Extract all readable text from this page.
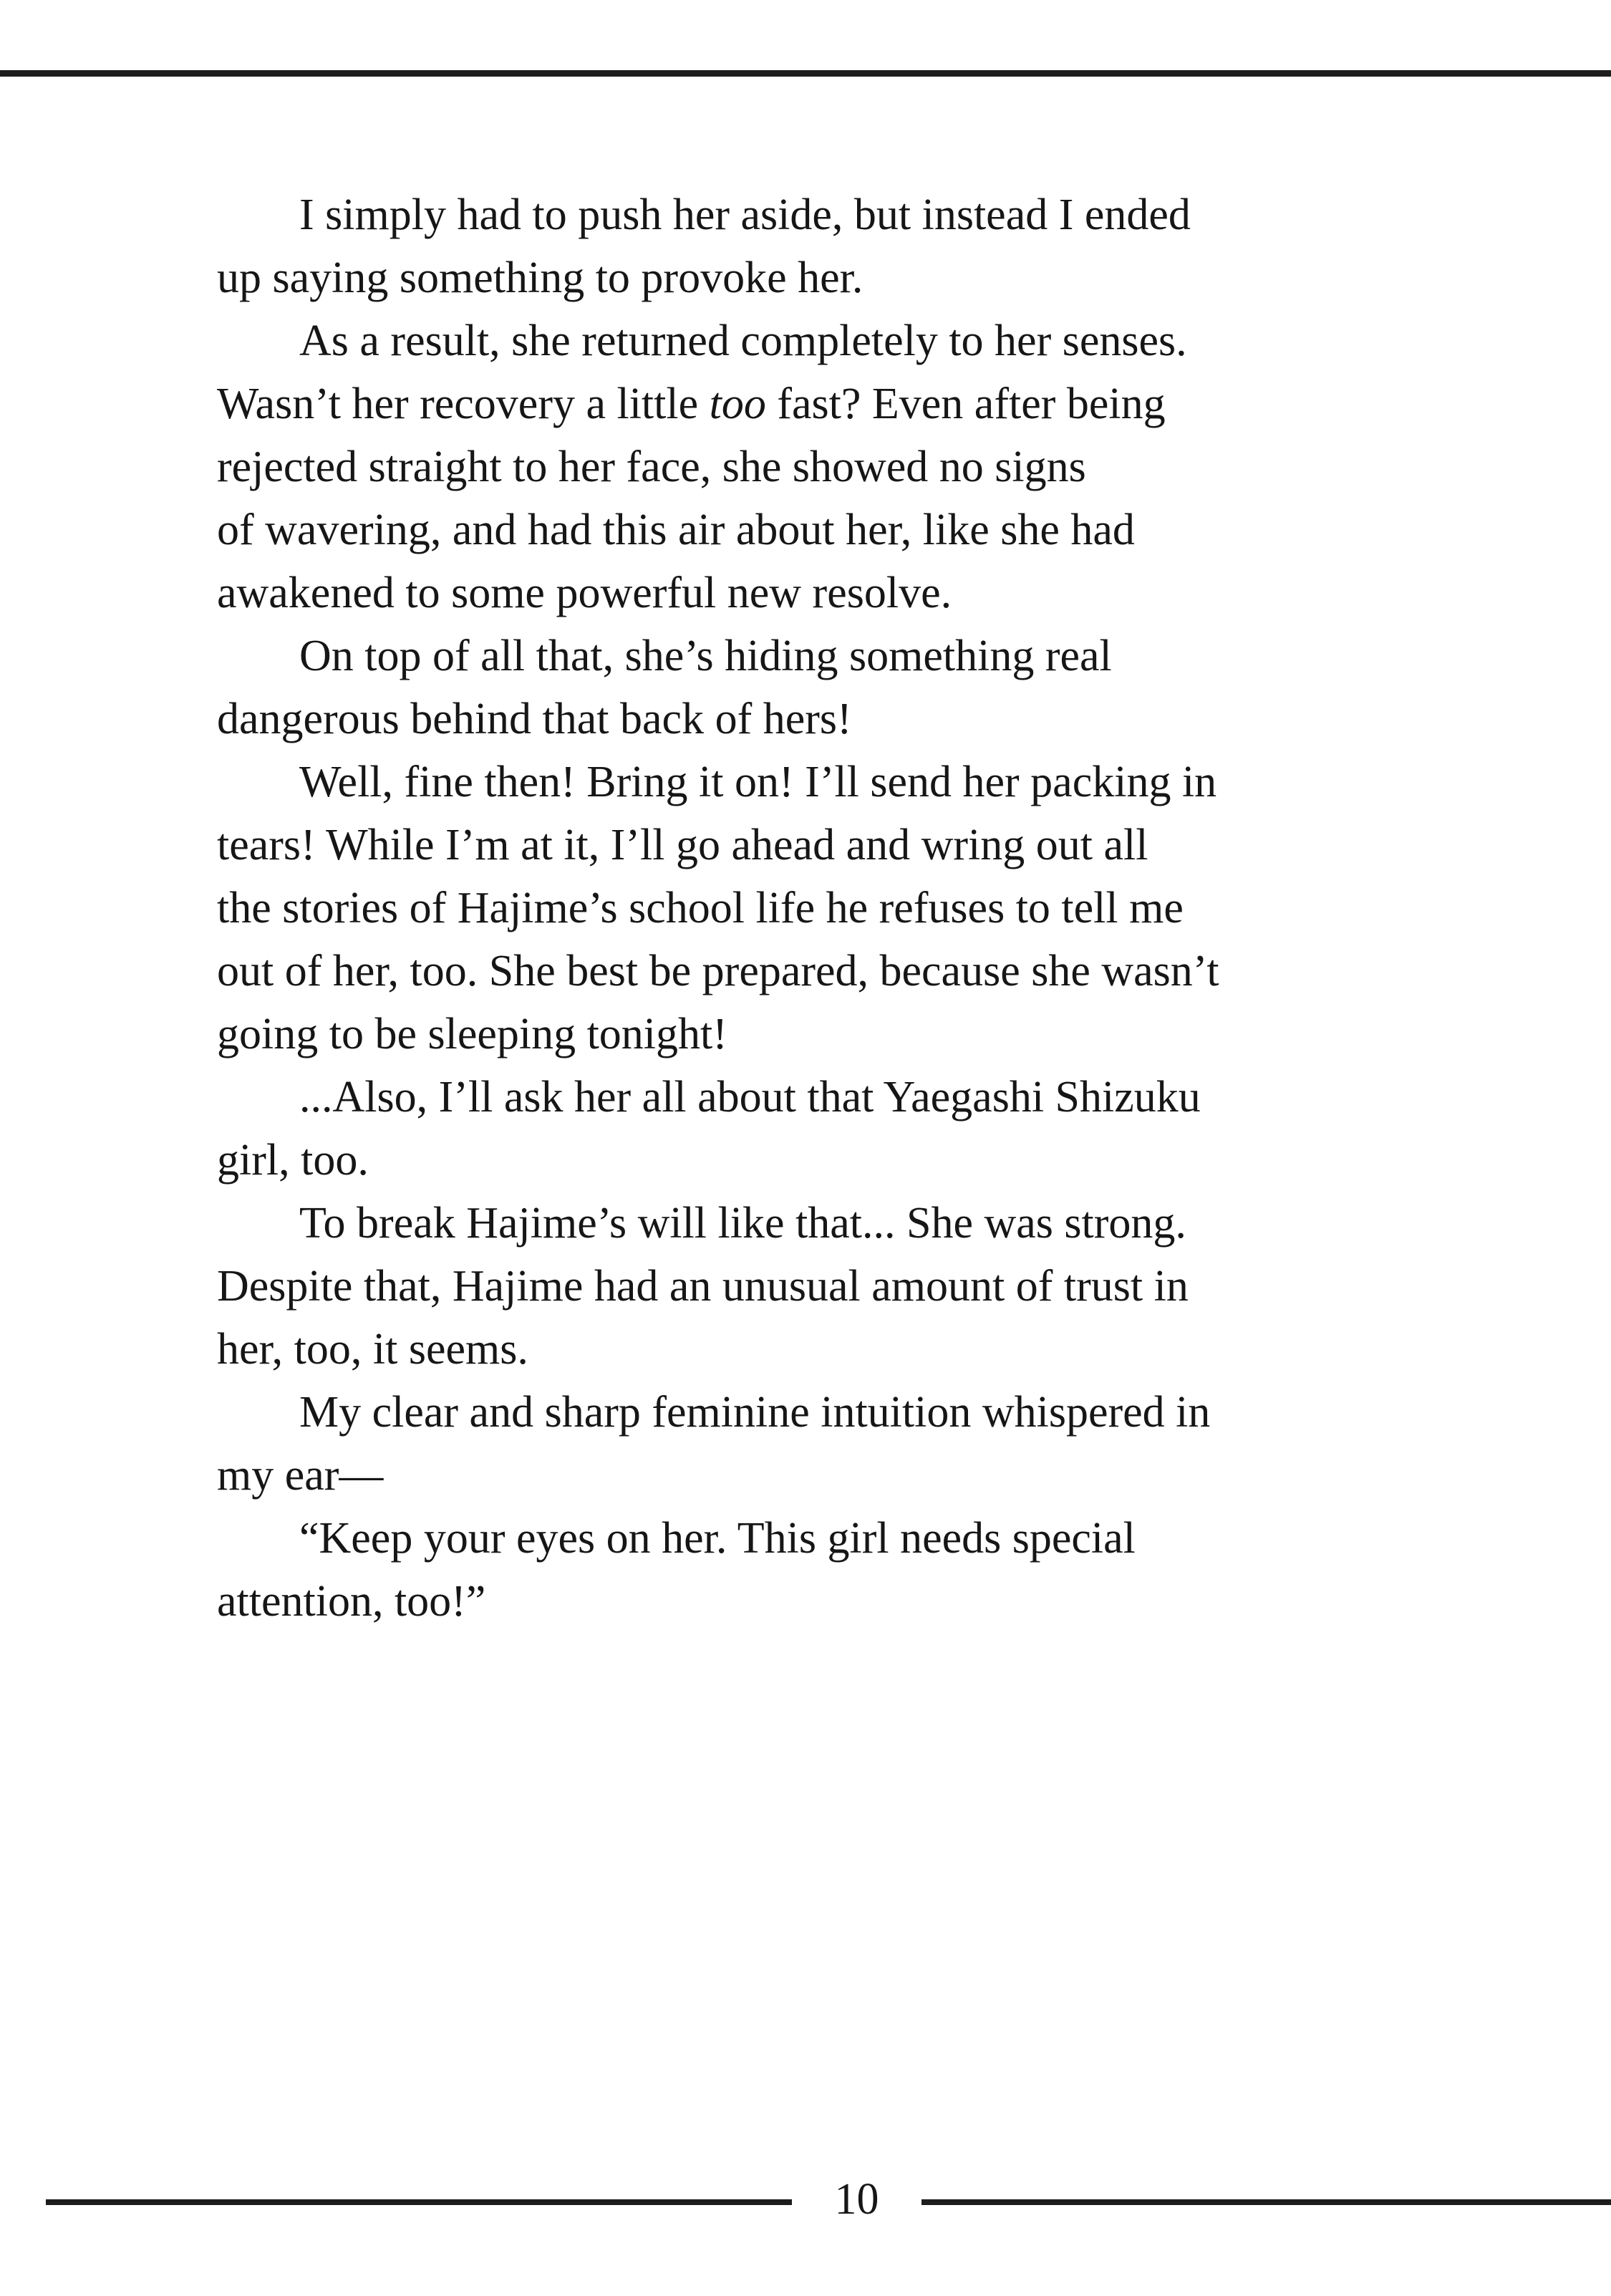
I simply had to push her aside, but instead I ended
up saying something to provoke her.

As a result, she returned completely to her senses.
Wasn’t her recovery a little too fast? Even after being
rejected straight to her face, she showed no signs
of wavering, and had this air about her, like she had
awakened to some powerful new resolve.

On top of all that, she’s hiding something real
dangerous behind that back of hers!

Well, fine then! Bring it on! I’ll send her packing in
tears! While I’m at it, I’ll go ahead and wring out all
the stories of Hajime’s school life he refuses to tell me
out of her, too. She best be prepared, because she wasn’t
going to be sleeping tonight!

...Also, I’ll ask her all about that Yaegashi Shizuku
girl, too.

To break Hajime’s will like that... She was strong.
Despite that, Hajime had an unusual amount of trust in
her, too, it seems.

My clear and sharp feminine intuition whispered in
my ear—

“Keep your eyes on her. This girl needs special
attention, too!”

10
